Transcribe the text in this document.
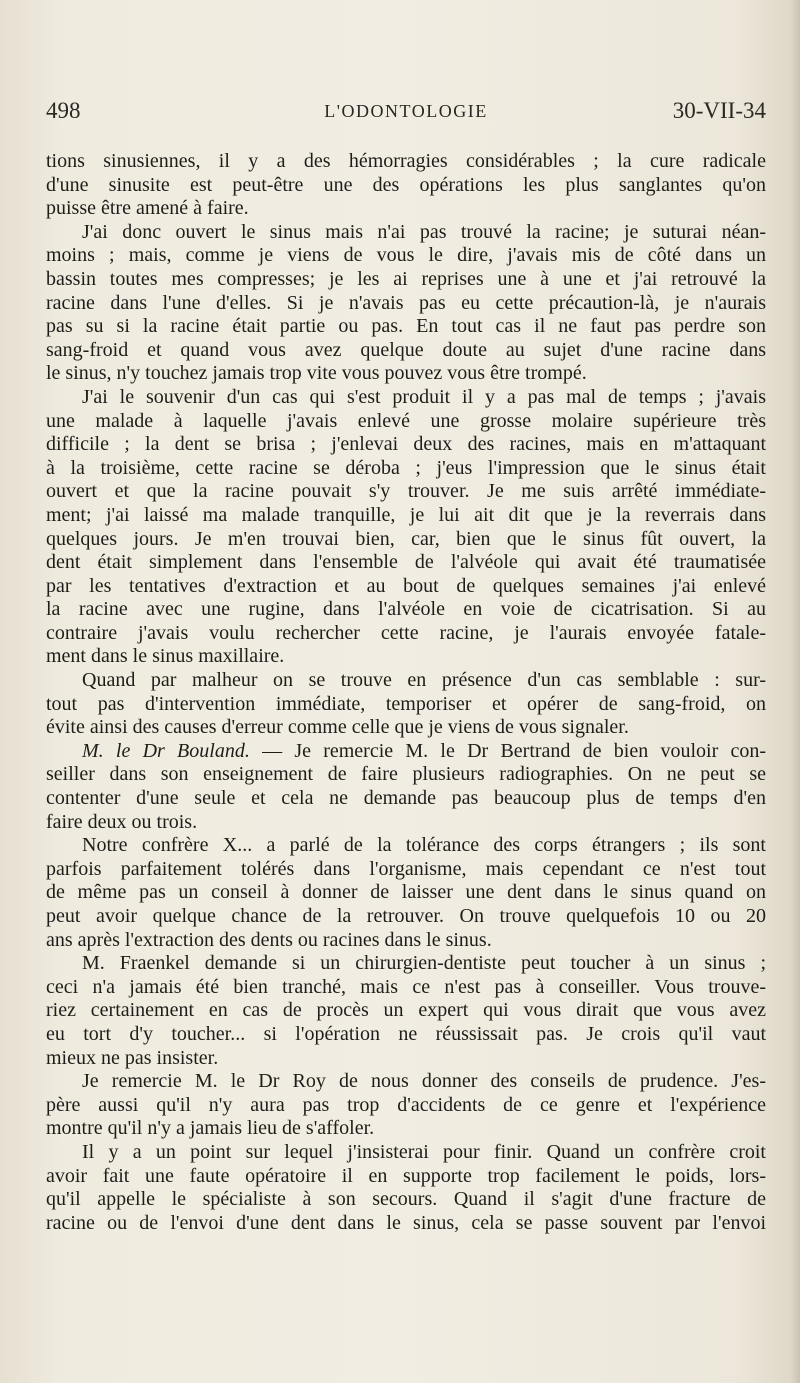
498	L'ODONTOLOGIE	30-VII-34
tions sinusiennes, il y a des hémorragies considérables ; la cure radicale
d'une sinusite est peut-être une des opérations les plus sanglantes qu'on
puisse être amené à faire.
J'ai donc ouvert le sinus mais n'ai pas trouvé la racine; je suturai néan-
moins ; mais, comme je viens de vous le dire, j'avais mis de côté dans un
bassin toutes mes compresses; je les ai reprises une à une et j'ai retrouvé la
racine dans l'une d'elles. Si je n'avais pas eu cette précaution-là, je n'aurais
pas su si la racine était partie ou pas. En tout cas il ne faut pas perdre son
sang-froid et quand vous avez quelque doute au sujet d'une racine dans
le sinus, n'y touchez jamais trop vite vous pouvez vous être trompé.
J'ai le souvenir d'un cas qui s'est produit il y a pas mal de temps ; j'avais
une malade à laquelle j'avais enlevé une grosse molaire supérieure très
difficile ; la dent se brisa ; j'enlevai deux des racines, mais en m'attaquant
à la troisième, cette racine se déroba ; j'eus l'impression que le sinus était
ouvert et que la racine pouvait s'y trouver. Je me suis arrêté immédiate-
ment; j'ai laissé ma malade tranquille, je lui ait dit que je la reverrais dans
quelques jours. Je m'en trouvai bien, car, bien que le sinus fût ouvert, la
dent était simplement dans l'ensemble de l'alvéole qui avait été traumatisée
par les tentatives d'extraction et au bout de quelques semaines j'ai enlevé
la racine avec une rugine, dans l'alvéole en voie de cicatrisation. Si au
contraire j'avais voulu rechercher cette racine, je l'aurais envoyée fatale-
ment dans le sinus maxillaire.
Quand par malheur on se trouve en présence d'un cas semblable : sur-
tout pas d'intervention immédiate, temporiser et opérer de sang-froid, on
évite ainsi des causes d'erreur comme celle que je viens de vous signaler.
M. le Dr Bouland. — Je remercie M. le Dr Bertrand de bien vouloir con-
seiller dans son enseignement de faire plusieurs radiographies. On ne peut se
contenter d'une seule et cela ne demande pas beaucoup plus de temps d'en
faire deux ou trois.
Notre confrère X... a parlé de la tolérance des corps étrangers ; ils sont
parfois parfaitement tolérés dans l'organisme, mais cependant ce n'est tout
de même pas un conseil à donner de laisser une dent dans le sinus quand on
peut avoir quelque chance de la retrouver. On trouve quelquefois 10 ou 20
ans après l'extraction des dents ou racines dans le sinus.
M. Fraenkel demande si un chirurgien-dentiste peut toucher à un sinus ;
ceci n'a jamais été bien tranché, mais ce n'est pas à conseiller. Vous trouve-
riez certainement en cas de procès un expert qui vous dirait que vous avez
eu tort d'y toucher... si l'opération ne réussissait pas. Je crois qu'il vaut
mieux ne pas insister.
Je remercie M. le Dr Roy de nous donner des conseils de prudence. J'es-
père aussi qu'il n'y aura pas trop d'accidents de ce genre et l'expérience
montre qu'il n'y a jamais lieu de s'affoler.
Il y a un point sur lequel j'insisterai pour finir. Quand un confrère croit
avoir fait une faute opératoire il en supporte trop facilement le poids, lors-
qu'il appelle le spécialiste à son secours. Quand il s'agit d'une fracture de
racine ou de l'envoi d'une dent dans le sinus, cela se passe souvent par l'envoi
